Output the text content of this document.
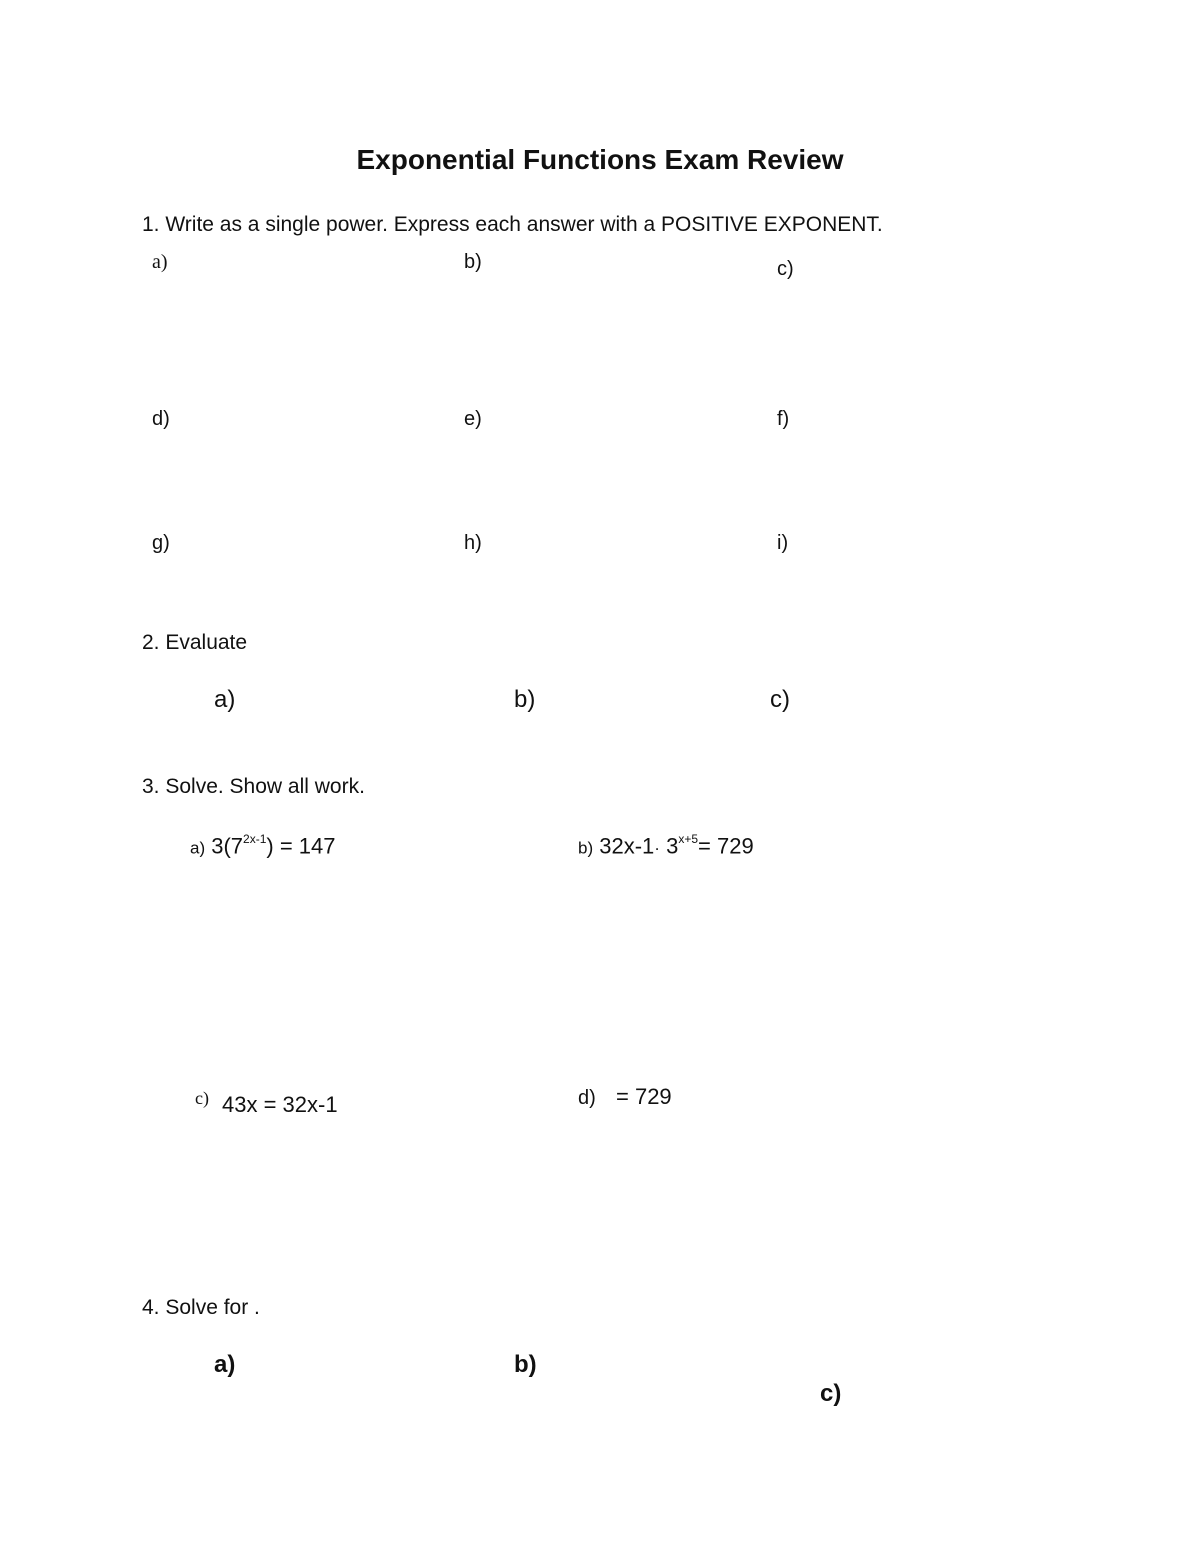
Exponential Functions Exam Review
1. Write as a single power. Express each answer with a POSITIVE EXPONENT.
a)	b)	c)
d)	e)	f)
g)	h)	i)
2. Evaluate
a)	b)	c)
3. Solve. Show all work.
a) $3(7^{2x-1}) = 147$	b) $32x-1\cdot 3^{x+5}= 729$
c) 43x = 32x-1	d) = 729
4. Solve for .
a)	b)
c)
